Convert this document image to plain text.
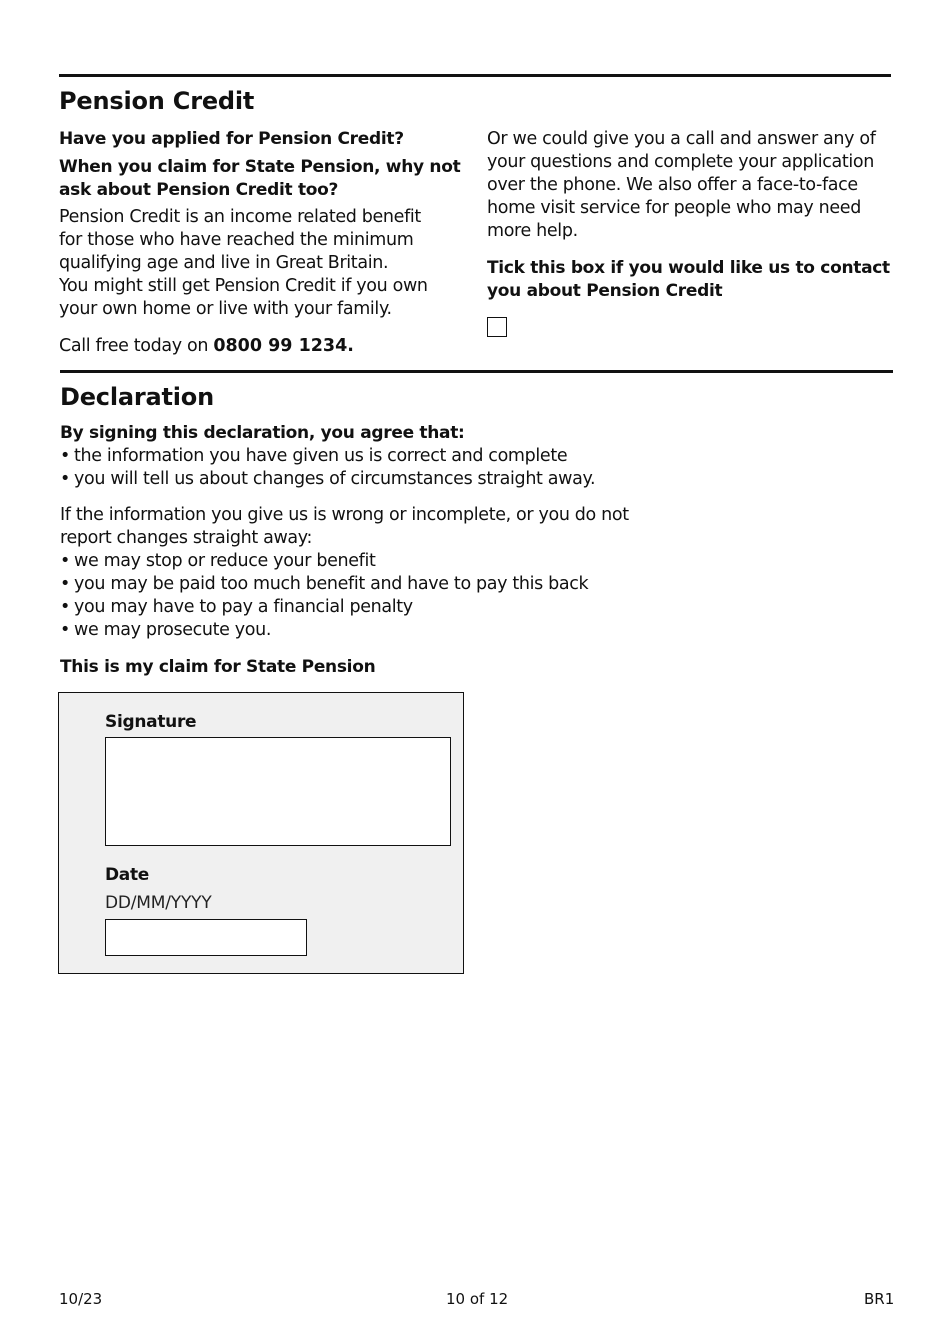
Pension Credit
Have you applied for Pension Credit?
When you claim for State Pension, why not
ask about Pension Credit too?
Pension Credit is an income related benefit
for those who have reached the minimum
qualifying age and live in Great Britain.
You might still get Pension Credit if you own
your own home or live with your family.
Call free today on 0800 99 1234.
Or we could give you a call and answer any of
your questions and complete your application
over the phone. We also offer a face-to-face
home visit service for people who may need
more help.
Tick this box if you would like us to contact
you about Pension Credit
Declaration
By signing this declaration, you agree that:
• the information you have given us is correct and complete
• you will tell us about changes of circumstances straight away.
If the information you give us is wrong or incomplete, or you do not
report changes straight away:
• we may stop or reduce your benefit
• you may be paid too much benefit and have to pay this back
• you may have to pay a financial penalty
• we may prosecute you.
This is my claim for State Pension
Signature
Date
DD/MM/YYYY
10/23	10 of 12	BR1
